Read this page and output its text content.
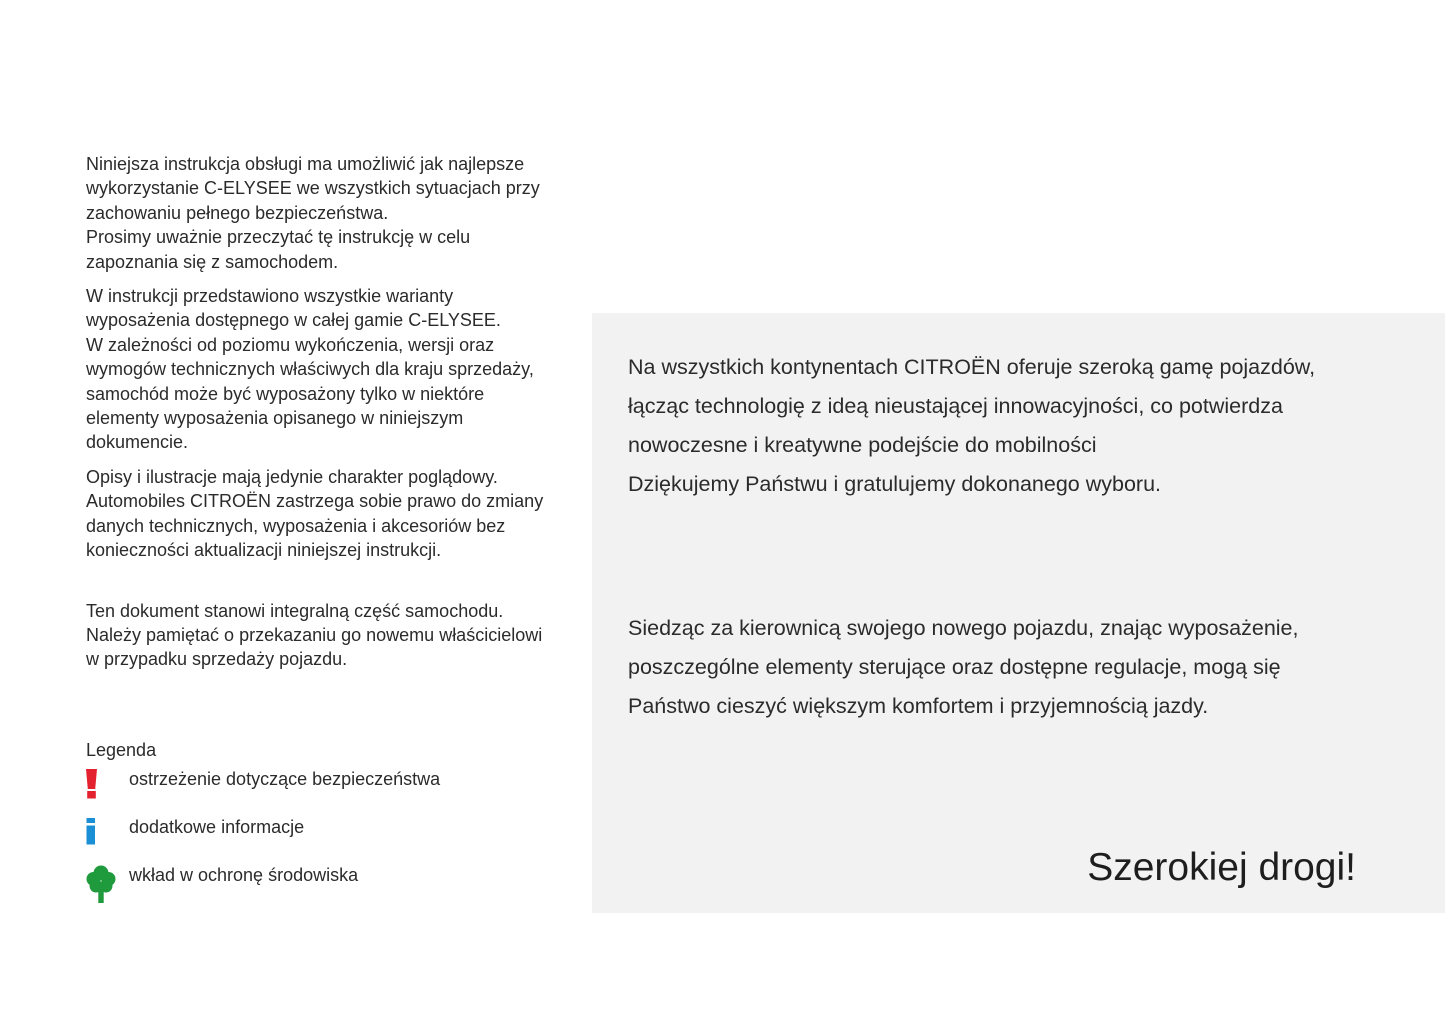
Niniejsza instrukcja obsługi ma umożliwić jak najlepsze
wykorzystanie C-ELYSEE we wszystkich sytuacjach przy
zachowaniu pełnego bezpieczeństwa.
Prosimy uważnie przeczytać tę instrukcję w celu
zapoznania się z samochodem.

W instrukcji przedstawiono wszystkie warianty
wyposażenia dostępnego w całej gamie C-ELYSEE.
W zależności od poziomu wykończenia, wersji oraz
wymogów technicznych właściwych dla kraju sprzedaży,
samochód może być wyposażony tylko w niektóre
elementy wyposażenia opisanego w niniejszym
dokumencie.

Opisy i ilustracje mają jedynie charakter poglądowy.
Automobiles CITROËN zastrzega sobie prawo do zmiany
danych technicznych, wyposażenia i akcesoriów bez
konieczności aktualizacji niniejszej instrukcji.

Ten dokument stanowi integralną część samochodu.
Należy pamiętać o przekazaniu go nowemu właścicielowi
w przypadku sprzedaży pojazdu.

Legenda
ostrzeżenie dotyczące bezpieczeństwa
dodatkowe informacje
wkład w ochronę środowiska

Na wszystkich kontynentach CITROËN oferuje szeroką gamę pojazdów,
łącząc technologię z ideą nieustającej innowacyjności, co potwierdza
nowoczesne i kreatywne podejście do mobilności
Dziękujemy Państwu i gratulujemy dokonanego wyboru.

Siedząc za kierownicą swojego nowego pojazdu, znając wyposażenie,
poszczególne elementy sterujące oraz dostępne regulacje, mogą się
Państwo cieszyć większym komfortem i przyjemnością jazdy.

Szerokiej drogi!
